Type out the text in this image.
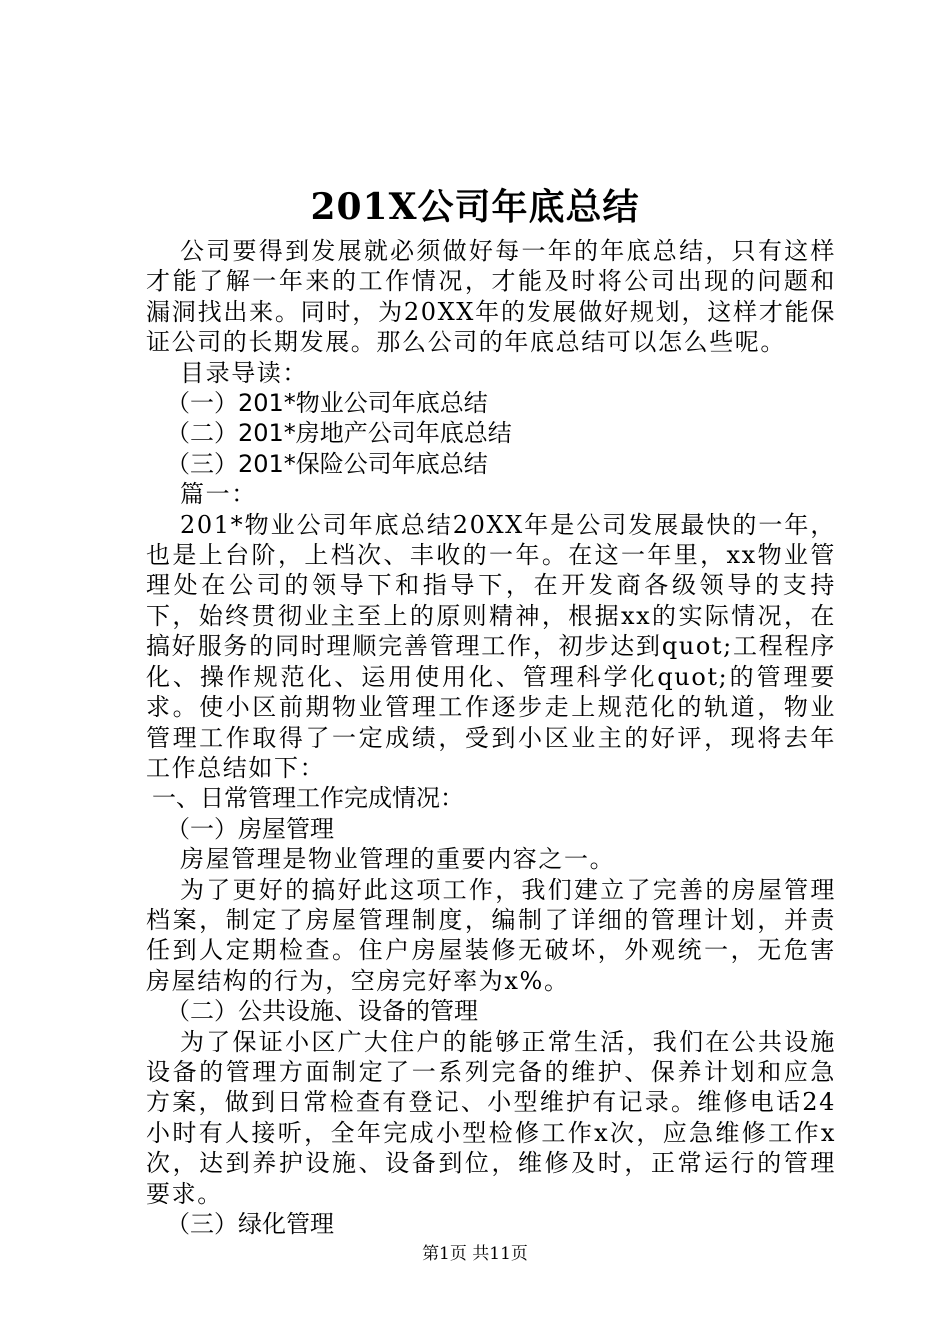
201X公司年底总结

公司要得到发展就必须做好每一年的年底总结，只有这样才能了解一年来的工作情况，才能及时将公司出现的问题和漏洞找出来。同时，为20XX年的发展做好规划，这样才能保证公司的长期发展。那么公司的年底总结可以怎么些呢。

目录导读：

（一）201*物业公司年底总结

（二）201*房地产公司年底总结

（三）201*保险公司年底总结

篇一：

201*物业公司年底总结20XX年是公司发展最快的一年，也是上台阶，上档次、丰收的一年。在这一年里，xx物业管理处在公司的领导下和指导下，在开发商各级领导的支持下，始终贯彻业主至上的原则精神，根据xx的实际情况，在搞好服务的同时理顺完善管理工作，初步达到quot;工程程序化、操作规范化、运用使用化、管理科学化quot;的管理要求。使小区前期物业管理工作逐步走上规范化的轨道，物业管理工作取得了一定成绩，受到小区业主的好评，现将去年工作总结如下：

一、日常管理工作完成情况：

（一）房屋管理

房屋管理是物业管理的重要内容之一。

为了更好的搞好此这项工作，我们建立了完善的房屋管理档案，制定了房屋管理制度，编制了详细的管理计划，并责任到人定期检查。住户房屋装修无破坏，外观统一，无危害房屋结构的行为，空房完好率为x%。

（二）公共设施、设备的管理

为了保证小区广大住户的能够正常生活，我们在公共设施设备的管理方面制定了一系列完备的维护、保养计划和应急方案，做到日常检查有登记、小型维护有记录。维修电话24小时有人接听，全年完成小型检修工作x次，应急维修工作x次，达到养护设施、设备到位，维修及时，正常运行的管理要求。

（三）绿化管理

第1页 共11页
